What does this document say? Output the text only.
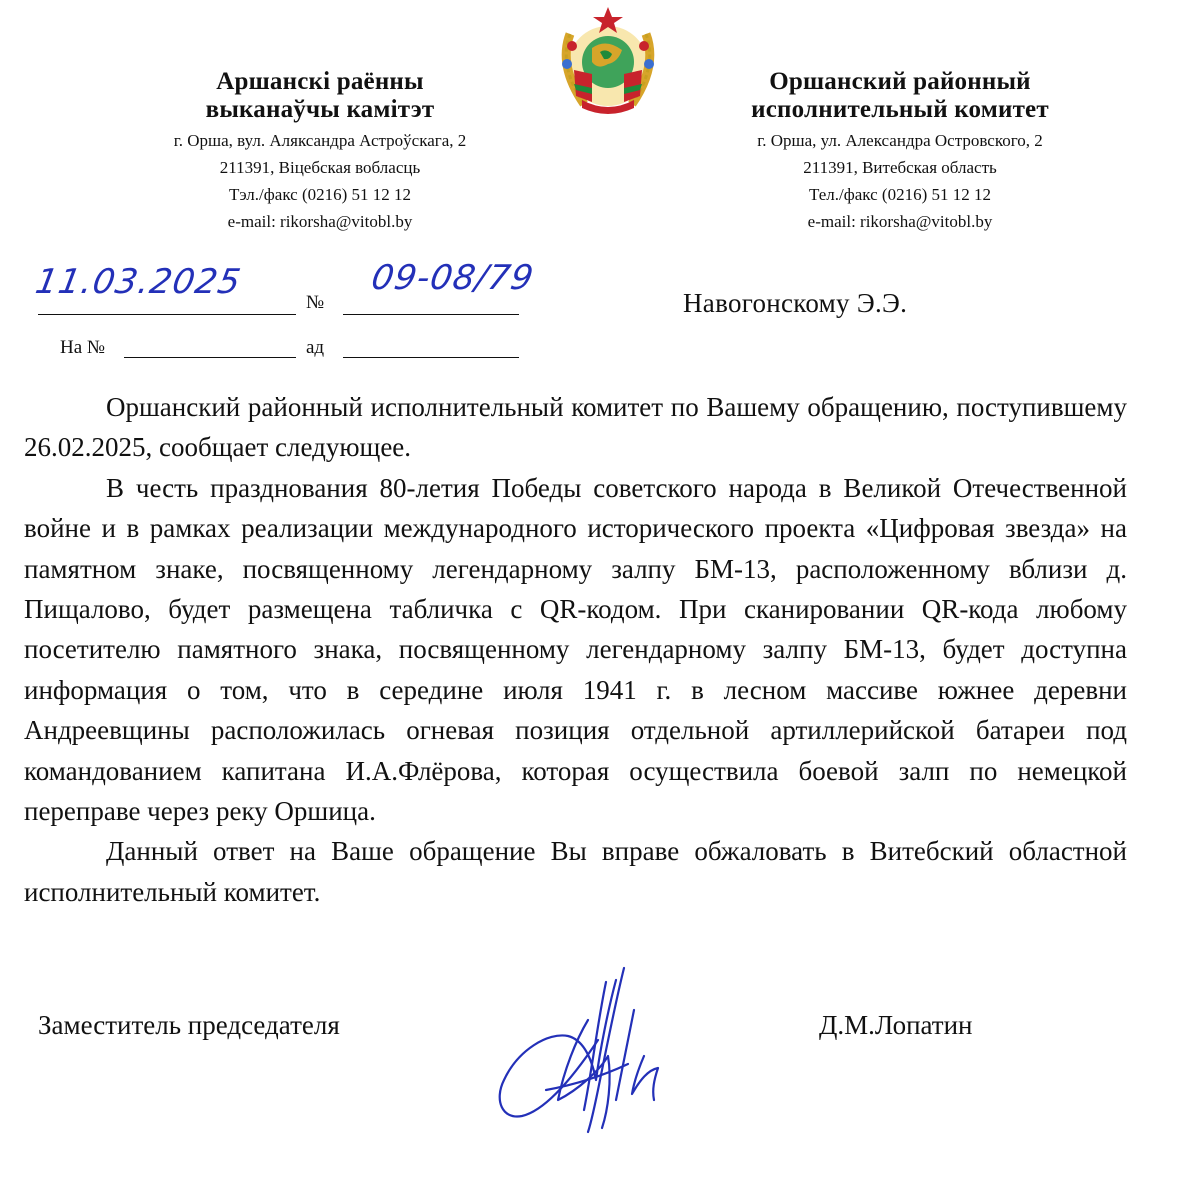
Аршанскі раённы
выканаўчы камітэт
г. Орша, вул. Аляксандра Астроўскага, 2
211391, Віцебская вобласць
Тэл./факс (0216) 51 12 12
e-mail: rikorsha@vitobl.by
Оршанский районный
исполнительный комитет
г. Орша, ул. Александра Островского, 2
211391, Витебская область
Тел./факс (0216) 51 12 12
e-mail: rikorsha@vitobl.by
11.03.2025
№
09-08/79
На №	ад
Навогонскому Э.Э.

Оршанский районный исполнительный комитет по Вашему обращению, поступившему 26.02.2025, сообщает следующее.

В честь празднования 80-летия Победы советского народа в Великой Отечественной войне и в рамках реализации международного исторического проекта «Цифровая звезда» на памятном знаке, посвященному легендарному залпу БМ-13, расположенному вблизи д. Пищалово, будет размещена табличка с QR-кодом. При сканировании QR-кода любому посетителю памятного знака, посвященному легендарному залпу БМ-13, будет доступна информация о том, что в середине июля 1941 г. в лесном массиве южнее деревни Андреевщины расположилась огневая позиция отдельной артиллерийской батареи под командованием капитана И.А.Флёрова, которая осуществила боевой залп по немецкой переправе через реку Оршица.

Данный ответ на Ваше обращение Вы вправе обжаловать в Витебский областной исполнительный комитет.

Заместитель председателя	Д.М.Лопатин
